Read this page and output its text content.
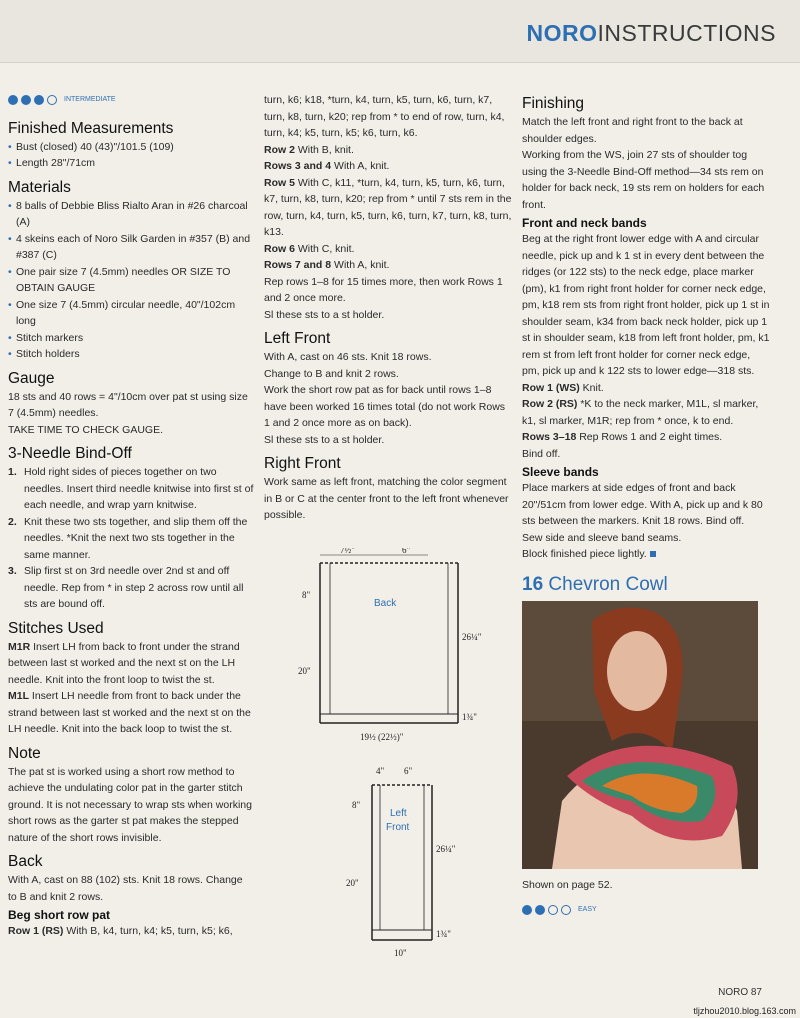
NOROINSTRUCTIONS
INTERMEDIATE
Finished Measurements
• Bust (closed) 40 (43)"/101.5 (109)
• Length 28"/71cm
Materials
• 8 balls of Debbie Bliss Rialto Aran in #26 charcoal (A)
• 4 skeins each of Noro Silk Garden in #357 (B) and #387 (C)
• One pair size 7 (4.5mm) needles OR SIZE TO OBTAIN GAUGE
• One size 7 (4.5mm) circular needle, 40"/102cm long
• Stitch markers
• Stitch holders
Gauge

18 sts and 40 rows = 4"/10cm over pat st using size 7 (4.5mm) needles.

TAKE TIME TO CHECK GAUGE.

3-Needle Bind-Off
1. Hold right sides of pieces together on two needles. Insert third needle knitwise into first st of each needle, and wrap yarn knitwise.
2. Knit these two sts together, and slip them off the needles. *Knit the next two sts together in the same manner.
3. Slip first st on 3rd needle over 2nd st and off needle. Rep from * in step 2 across row until all sts are bound off.
Stitches Used

M1R Insert LH from back to front under the strand between last st worked and the next st on the LH needle. Knit into the front loop to twist the st.

M1L Insert LH needle from front to back under the strand between last st worked and the next st on the LH needle. Knit into the back loop to twist the st.

Note

The pat st is worked using a short row method to achieve the undulating color pat in the garter stitch ground. It is not necessary to wrap sts when working short rows as the garter st pat makes the stepped nature of the short rows invisible.

Back

With A, cast on 88 (102) sts. Knit 18 rows. Change to B and knit 2 rows.

Beg short row pat

Row 1 (RS) With B, k4, turn, k4; k5, turn, k5; k6,

turn, k6; k18, *turn, k4, turn, k5, turn, k6, turn, k7, turn, k8, turn, k20; rep from * to end of row, turn, k4, turn, k4; k5, turn, k5; k6, turn, k6.

Row 2 With B, knit.

Rows 3 and 4 With A, knit.

Row 5 With C, k11, *turn, k4, turn, k5, turn, k6, turn, k7, turn, k8, turn, k20; rep from * until 7 sts rem in the row, turn, k4, turn, k5, turn, k6, turn, k7, turn, k8, turn, k13.

Row 6 With C, knit.

Rows 7 and 8 With A, knit.

Rep rows 1–8 for 15 times more, then work Rows 1 and 2 once more.

Sl these sts to a st holder.

Left Front

With A, cast on 46 sts. Knit 18 rows.

Change to B and knit 2 rows.

Work the short row pat as for back until rows 1–8 have been worked 16 times total (do not work Rows 1 and 2 once more as on back).

Sl these sts to a st holder.

Right Front

Work same as left front, matching the color segment in B or C at the center front to the left front whenever possible.

7½"	6"
8"
20"
26¼"
1¾"
19½ (22½)"
Back
4" 6"
8"
20"
26¼"
1¾"
10"
Left
Front
Finishing

Match the left front and right front to the back at shoulder edges.

Working from the WS, join 27 sts of shoulder tog using the 3-Needle Bind-Off method—34 sts rem on holder for back neck, 19 sts rem on holders for each front.

Front and neck bands

Beg at the right front lower edge with A and circular needle, pick up and k 1 st in every dent between the ridges (or 122 sts) to the neck edge, place marker (pm), k1 from right front holder for corner neck edge, pm, k18 rem sts from right front holder, pick up 1 st in shoulder seam, k34 from back neck holder, pick up 1 st in shoulder seam, k18 from left front holder, pm, k1 rem st from left front holder for corner neck edge, pm, pick up and k 122 sts to lower edge—318 sts.

Row 1 (WS) Knit.

Row 2 (RS) *K to the neck marker, M1L, sl marker, k1, sl marker, M1R; rep from * once, k to end.

Rows 3–18 Rep Rows 1 and 2 eight times.

Bind off.

Sleeve bands

Place markers at side edges of front and back 20"/51cm from lower edge. With A, pick up and k 80 sts between the markers. Knit 18 rows. Bind off.

Sew side and sleeve band seams.

Block finished piece lightly.

16 Chevron Cowl

Shown on page 52.

EASY
NORO 87
tljzhou2010.blog.163.com
